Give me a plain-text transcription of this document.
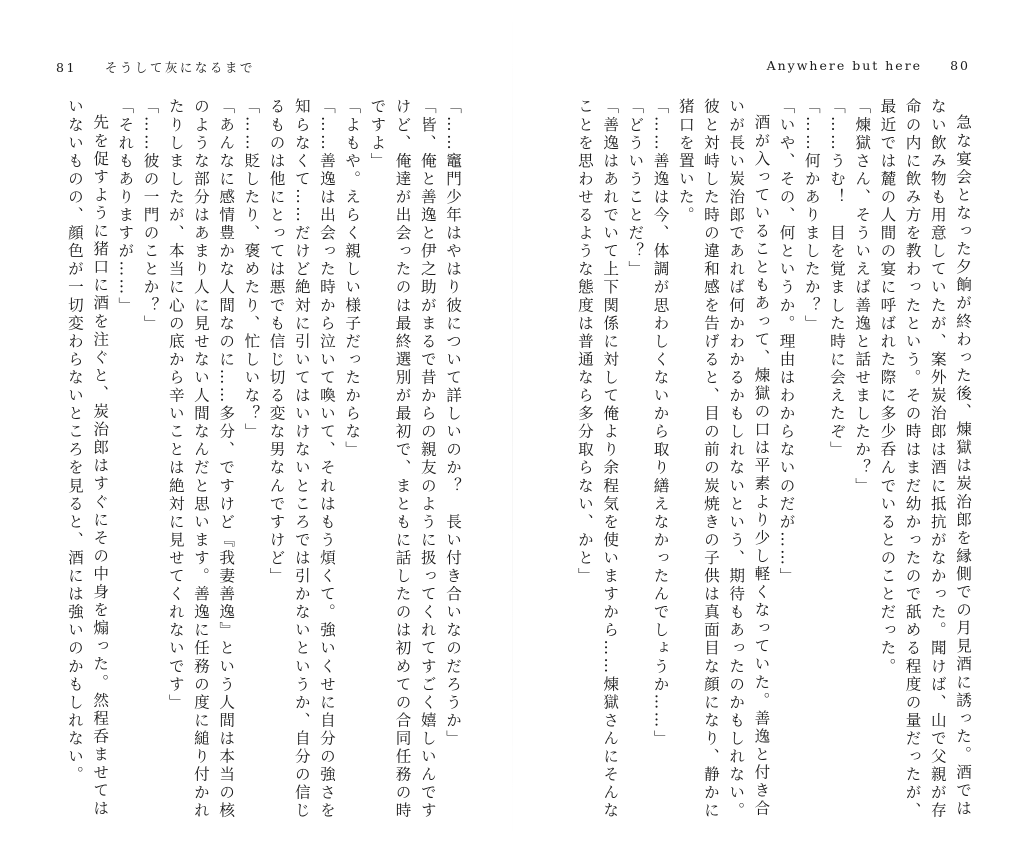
81 そうして灰になるまで	Anywhere but here 80

急な宴会となった夕餉が終わった後、煉獄は炭治郎を縁側での月見酒に誘った。酒ではない飲み物も用意していたが、案外炭治郎は酒に抵抗がなかった。聞けば、山で父親が存命の内に飲み方を教わったという。その時はまだ幼かったので舐める程度の量だったが、最近では麓の人間の宴に呼ばれた際に多少呑んでいるとのことだった。

「煉獄さん、そういえば善逸と話せましたか？」

「……うむ！　目を覚ました時に会えたぞ」

「……何かありましたか？」

「いや、その、何というか。理由はわからないのだが……」

酒が入っていることもあって、煉獄の口は平素より少し軽くなっていた。善逸と付き合いが長い炭治郎であれば何かわかるかもしれないという、期待もあったのかもしれない。彼と対峙した時の違和感を告げると、目の前の炭焼きの子供は真面目な顔になり、静かに猪口を置いた。

「……善逸は今、体調が思わしくないから取り繕えなかったんでしょうか……」

「どういうことだ？」

「善逸はあれでいて上下関係に対して俺より余程気を使いますから……煉獄さんにそんなことを思わせるような態度は普通なら多分取らない、かと」

「……竈門少年はやはり彼について詳しいのか？　長い付き合いなのだろうか」

「皆、俺と善逸と伊之助がまるで昔からの親友のように扱ってくれてすごく嬉しいんですけど、俺達が出会ったのは最終選別が最初で、まともに話したのは初めての合同任務の時ですよ」

「よもや。えらく親しい様子だったからな」

「……善逸は出会った時から泣いて喚いて、それはもう煩くて。強いくせに自分の強さを知らなくて……だけど絶対に引いてはいけないところでは引かないというか、自分の信じるものは他にとっては悪でも信じ切る変な男なんですけど」

「……貶したり、褒めたり、忙しいな？」

「あんなに感情豊かな人間なのに……多分、ですけど『我妻善逸』という人間は本当の核のような部分はあまり人に見せない人間なんだと思います。善逸に任務の度に縋り付かれたりしましたが、本当に心の底から辛いことは絶対に見せてくれないです」

「……彼の一門のことか？」

「それもありますが……」

先を促すように猪口に酒を注ぐと、炭治郎はすぐにその中身を煽った。然程呑ませてはいないものの、顔色が一切変わらないところを見ると、酒には強いのかもしれない。
